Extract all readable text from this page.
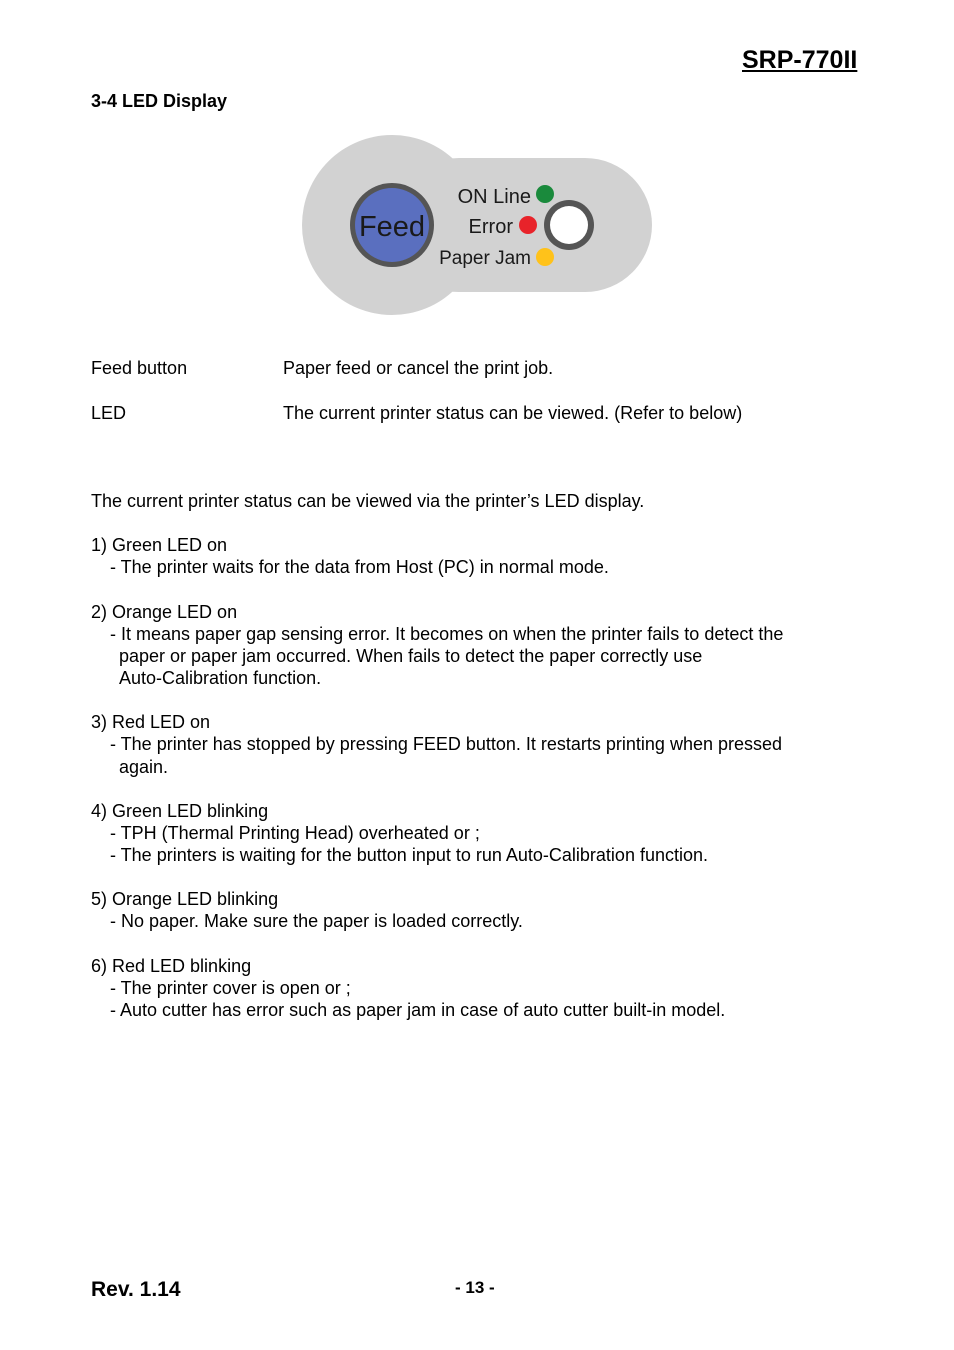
SRP-770II
3-4 LED Display
Feed
ON Line
Error
Paper Jam
Feed button	Paper feed or cancel the print job.
LED	The current printer status can be viewed. (Refer to below)
The current printer status can be viewed via the printer’s LED display.
1) Green LED on
- The printer waits for the data from Host (PC) in normal mode.
2) Orange LED on
- It means paper gap sensing error. It becomes on when the printer fails to detect the
paper or paper jam occurred. When fails to detect the paper correctly use
Auto-Calibration function.
3) Red LED on
- The printer has stopped by pressing FEED button. It restarts printing when pressed
again.
4) Green LED blinking
- TPH (Thermal Printing Head) overheated or ;
- The printers is waiting for the button input to run Auto-Calibration function.
5) Orange LED blinking
- No paper. Make sure the paper is loaded correctly.
6) Red LED blinking
- The printer cover is open or ;
- Auto cutter has error such as paper jam in case of auto cutter built-in model.
Rev. 1.14	- 13 -
